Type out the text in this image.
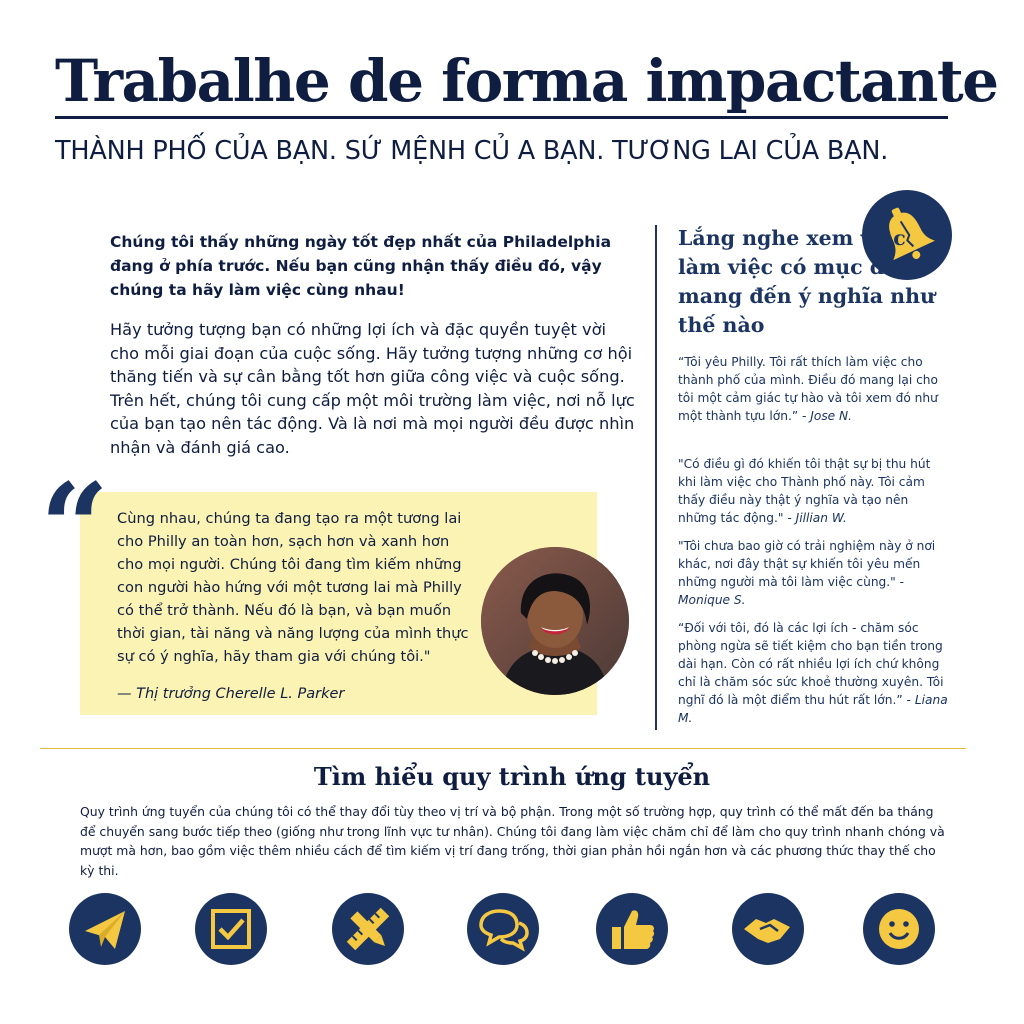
Trabalhe de forma impactante
THÀNH PHỐ CỦA BẠN. SỨ MỆNH CỦ A BẠN. TƯƠNG LAI CỦA BẠN.

Chúng tôi thấy những ngày tốt đẹp nhất của Philadelphia đang ở phía trước. Nếu bạn cũng nhận thấy điều đó, vậy chúng ta hãy làm việc cùng nhau!

Hãy tưởng tượng bạn có những lợi ích và đặc quyền tuyệt vời cho mỗi giai đoạn của cuộc sống. Hãy tưởng tượng những cơ hội thăng tiến và sự cân bằng tốt hơn giữa công việc và cuộc sống. Trên hết, chúng tôi cung cấp một môi trường làm việc, nơi nỗ lực của bạn tạo nên tác động. Và là nơi mà mọi người đều được nhìn nhận và đánh giá cao.

“ Cùng nhau, chúng ta đang tạo ra một tương lai cho Philly an toàn hơn, sạch hơn và xanh hơn cho mọi người. Chúng tôi đang tìm kiếm những con người hào hứng với một tương lai mà Philly có thể trở thành. Nếu đó là bạn, và bạn muốn thời gian, tài năng và năng lượng của mình thực sự có ý nghĩa, hãy tham gia với chúng tôi."

— Thị trưởng Cherelle L. Parker

Lắng nghe xem việc làm việc có mục đích mang đến ý nghĩa như thế nào

“Tôi yêu Philly. Tôi rất thích làm việc cho thành phố của mình. Điều đó mang lại cho tôi một cảm giác tự hào và tôi xem đó như một thành tựu lớn.” - Jose N.

"Có điều gì đó khiến tôi thật sự bị thu hút khi làm việc cho Thành phố này. Tôi cảm thấy điều này thật ý nghĩa và tạo nên những tác động." - Jillian W.

"Tôi chưa bao giờ có trải nghiệm này ở nơi khác, nơi đây thật sự khiến tôi yêu mến những người mà tôi làm việc cùng." - Monique S.

“Đối với tôi, đó là các lợi ích - chăm sóc phòng ngừa sẽ tiết kiệm cho bạn tiền trong dài hạn. Còn có rất nhiều lợi ích chứ không chỉ là chăm sóc sức khoẻ thường xuyên. Tôi nghĩ đó là một điểm thu hút rất lớn.” - Liana M.

Tìm hiểu quy trình ứng tuyển

Quy trình ứng tuyển của chúng tôi có thể thay đổi tùy theo vị trí và bộ phận. Trong một số trường hợp, quy trình có thể mất đến ba tháng để chuyển sang bước tiếp theo (giống như trong lĩnh vực tư nhân). Chúng tôi đang làm việc chăm chỉ để làm cho quy trình nhanh chóng và mượt mà hơn, bao gồm việc thêm nhiều cách để tìm kiếm vị trí đang trống, thời gian phản hồi ngắn hơn và các phương thức thay thế cho kỳ thi.
